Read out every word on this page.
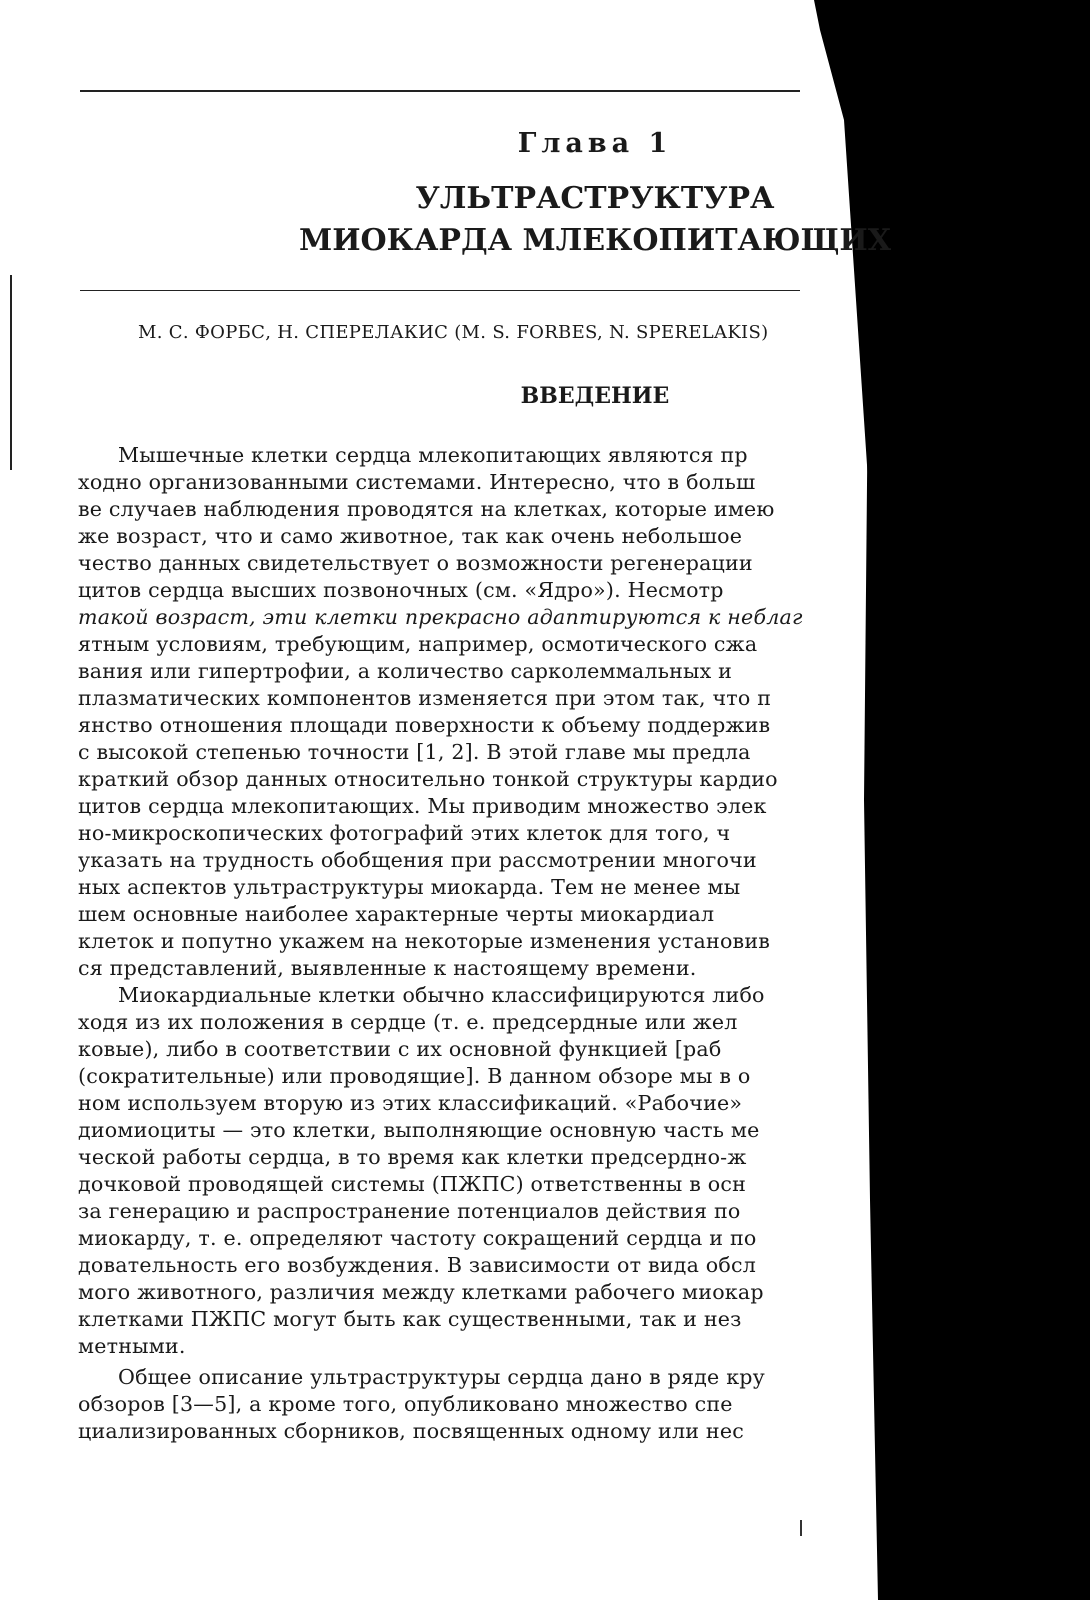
Глава 1
УЛЬТРАСТРУКТУРА
МИОКАРДА МЛЕКОПИТАЮЩИХ
М. С. ФОРБС, Н. СПЕРЕЛАКИС (M. S. FORBES, N. SPERELAKIS)
ВВЕДЕНИЕ
Мышечные клетки сердца млекопитающих являются пр
ходно организованными системами. Интересно, что в больш
ве случаев наблюдения проводятся на клетках, которые имею
же возраст, что и само животное, так как очень небольшое
чество данных свидетельствует о возможности регенерации
цитов сердца высших позвоночных (см. «Ядро»). Несмотр
такой возраст, эти клетки прекрасно адаптируются к неблаг
ятным условиям, требующим, например, осмотического сжа
вания или гипертрофии, а количество сарколеммальных и
плазматических компонентов изменяется при этом так, что п
янство отношения площади поверхности к объему поддержив
с высокой степенью точности [1, 2]. В этой главе мы предла
краткий обзор данных относительно тонкой структуры кардио
цитов сердца млекопитающих. Мы приводим множество элек
но-микроскопических фотографий этих клеток для того, ч
указать на трудность обобщения при рассмотрении многочи
ных аспектов ультраструктуры миокарда. Тем не менее мы
шем основные наиболее характерные черты миокардиал
клеток и попутно укажем на некоторые изменения установив
ся представлений, выявленные к настоящему времени.
Миокардиальные клетки обычно классифицируются либо
ходя из их положения в сердце (т. е. предсердные или жел
ковые), либо в соответствии с их основной функцией [раб
(сократительные) или проводящие]. В данном обзоре мы в о
ном используем вторую из этих классификаций. «Рабочие»
диомиоциты — это клетки, выполняющие основную часть ме
ческой работы сердца, в то время как клетки предсердно-ж
дочковой проводящей системы (ПЖПС) ответственны в осн
за генерацию и распространение потенциалов действия по
миокарду, т. е. определяют частоту сокращений сердца и по
довательность его возбуждения. В зависимости от вида обсл
мого животного, различия между клетками рабочего миокар
клетками ПЖПС могут быть как существенными, так и нез
метными.
Общее описание ультраструктуры сердца дано в ряде кру
обзоров [3—5], а кроме того, опубликовано множество спе
циализированных сборников, посвященных одному или нес
